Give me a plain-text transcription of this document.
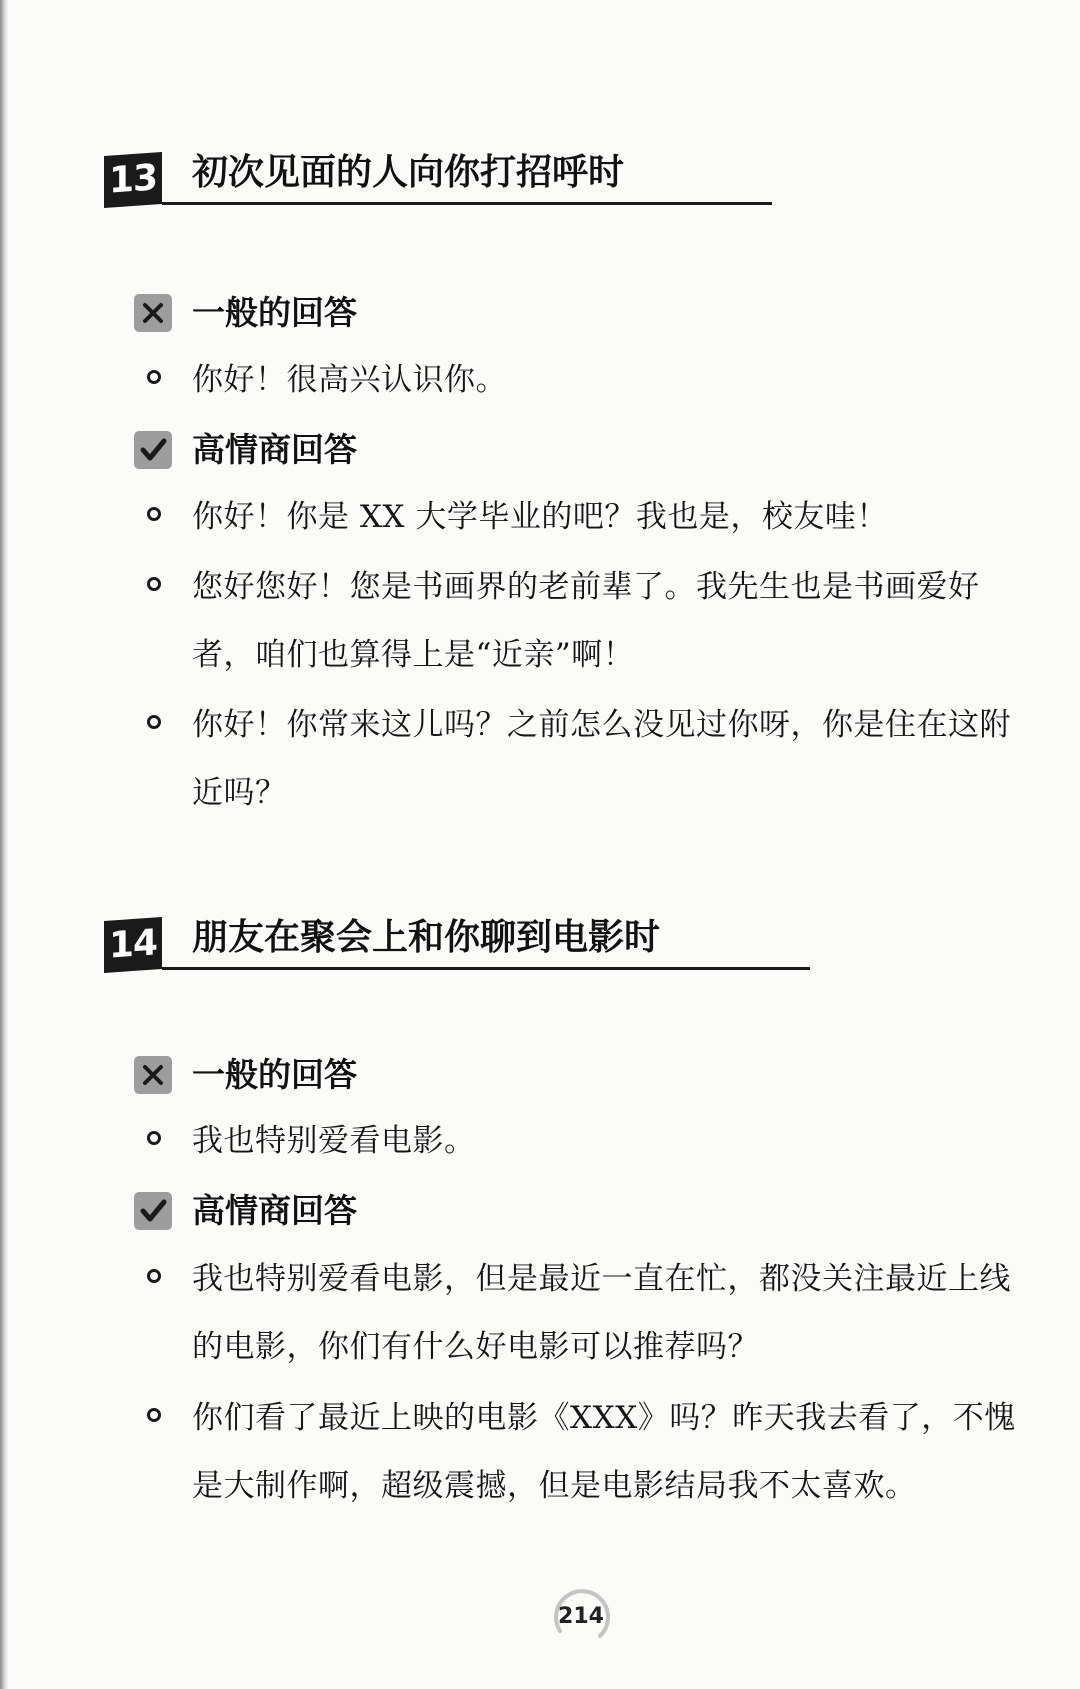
13 初次见面的人向你打招呼时
一般的回答
你好！很高兴认识你。
高情商回答
你好！你是 XX 大学毕业的吧？我也是，校友哇！
您好您好！您是书画界的老前辈了。我先生也是书画爱好者，咱们也算得上是“近亲”啊！
你好！你常来这儿吗？之前怎么没见过你呀，你是住在这附近吗？
14 朋友在聚会上和你聊到电影时
一般的回答
我也特别爱看电影。
高情商回答
我也特别爱看电影，但是最近一直在忙，都没关注最近上线的电影，你们有什么好电影可以推荐吗？
你们看了最近上映的电影《XXX》吗？昨天我去看了，不愧是大制作啊，超级震撼，但是电影结局我不太喜欢。
214
